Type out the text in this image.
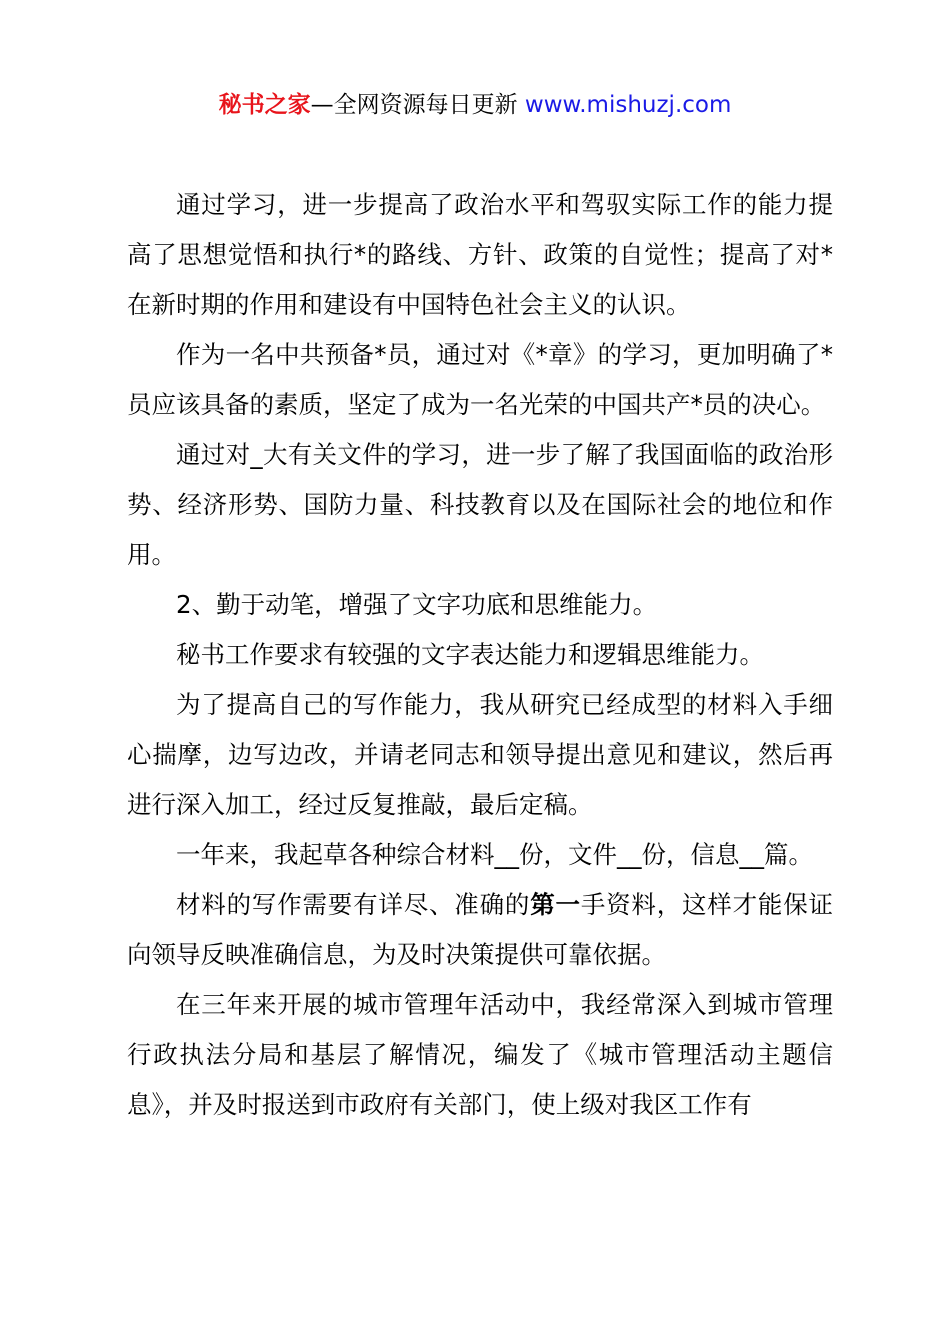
秘书之家—全网资源每日更新 www.mishuzj.com

通过学习，进一步提高了政治水平和驾驭实际工作的能力提高了思想觉悟和执行*的路线、方针、政策的自觉性；提高了对*在新时期的作用和建设有中国特色社会主义的认识。

作为一名中共预备*员，通过对《*章》的学习，更加明确了*员应该具备的素质，坚定了成为一名光荣的中国共产*员的决心。

通过对_大有关文件的学习，进一步了解了我国面临的政治形势、经济形势、国防力量、科技教育以及在国际社会的地位和作用。

2、勤于动笔，增强了文字功底和思维能力。

秘书工作要求有较强的文字表达能力和逻辑思维能力。

为了提高自己的写作能力，我从研究已经成型的材料入手细心揣摩，边写边改，并请老同志和领导提出意见和建议，然后再进行深入加工，经过反复推敲，最后定稿。

一年来，我起草各种综合材料__份，文件__份，信息__篇。

材料的写作需要有详尽、准确的第一手资料，这样才能保证向领导反映准确信息，为及时决策提供可靠依据。

在三年来开展的城市管理年活动中，我经常深入到城市管理行政执法分局和基层了解情况，编发了《城市管理活动主题信息》，并及时报送到市政府有关部门，使上级对我区工作有
